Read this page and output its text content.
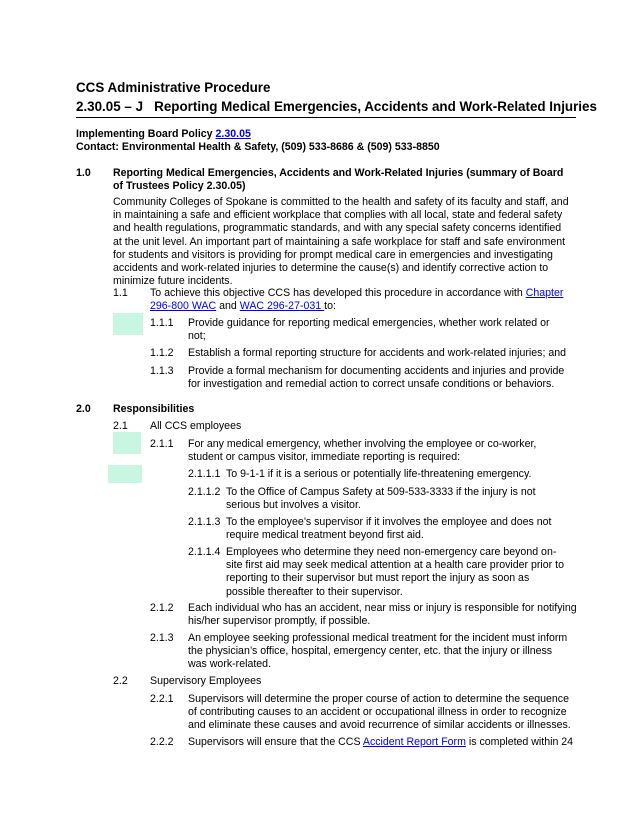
CCS Administrative Procedure
2.30.05 – J   Reporting Medical Emergencies, Accidents and Work-Related Injuries
Implementing Board Policy 2.30.05
Contact: Environmental Health & Safety, (509) 533-8686 & (509) 533-8850
1.0 Reporting Medical Emergencies, Accidents and Work-Related Injuries (summary of Board
of Trustees Policy 2.30.05)
Community Colleges of Spokane is committed to the health and safety of its faculty and staff, and
in maintaining a safe and efficient workplace that complies with all local, state and federal safety
and health regulations, programmatic standards, and with any special safety concerns identified
at the unit level. An important part of maintaining a safe workplace for staff and safe environment
for students and visitors is providing for prompt medical care in emergencies and investigating
accidents and work-related injuries to determine the cause(s) and identify corrective action to
minimize future incidents.
1.1 To achieve this objective CCS has developed this procedure in accordance with Chapter
296-800 WAC and WAC 296-27-031 to:
1.1.1 Provide guidance for reporting medical emergencies, whether work related or
not;
1.1.2 Establish a formal reporting structure for accidents and work-related injuries; and
1.1.3 Provide a formal mechanism for documenting accidents and injuries and provide
for investigation and remedial action to correct unsafe conditions or behaviors.
2.0 Responsibilities
2.1 All CCS employees
2.1.1 For any medical emergency, whether involving the employee or co-worker,
student or campus visitor, immediate reporting is required:
2.1.1.1 To 9-1-1 if it is a serious or potentially life-threatening emergency.
2.1.1.2 To the Office of Campus Safety at 509-533-3333 if the injury is not
serious but involves a visitor.
2.1.1.3 To the employee’s supervisor if it involves the employee and does not
require medical treatment beyond first aid.
2.1.1.4 Employees who determine they need non-emergency care beyond on-
site first aid may seek medical attention at a health care provider prior to
reporting to their supervisor but must report the injury as soon as
possible thereafter to their supervisor.
2.1.2 Each individual who has an accident, near miss or injury is responsible for notifying
his/her supervisor promptly, if possible.
2.1.3 An employee seeking professional medical treatment for the incident must inform
the physician’s office, hospital, emergency center, etc. that the injury or illness
was work-related.
2.2 Supervisory Employees
2.2.1 Supervisors will determine the proper course of action to determine the sequence
of contributing causes to an accident or occupational illness in order to recognize
and eliminate these causes and avoid recurrence of similar accidents or illnesses.
2.2.2 Supervisors will ensure that the CCS Accident Report Form is completed within 24
